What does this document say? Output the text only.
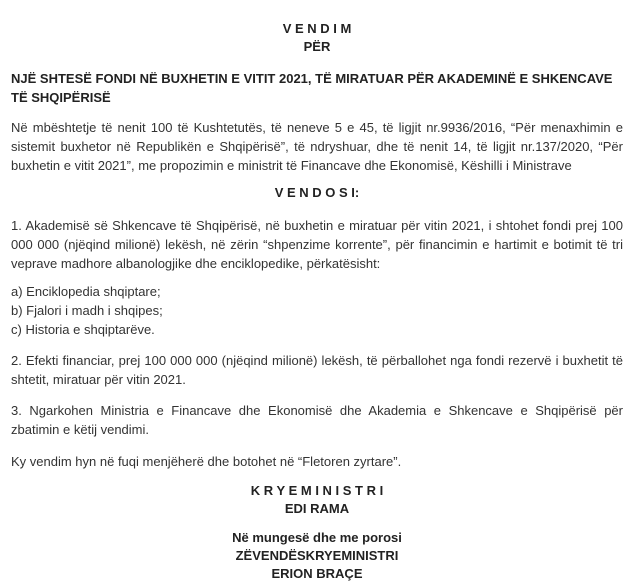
V E N D I M
PËR
NJË SHTESË FONDI NË BUXHETIN E VITIT 2021, TË MIRATUAR PËR AKADEMINË E SHKENCAVE TË SHQIPËRISË

Në mbështetje të nenit 100 të Kushtetutës, të neneve 5 e 45, të ligjit nr.9936/2016, “Për menaxhimin e sistemit buxhetor në Republikën e Shqipërisë”, të ndryshuar, dhe të nenit 14, të ligjit nr.137/2020, “Për buxhetin e vitit 2021”, me propozimin e ministrit të Financave dhe Ekonomisë, Këshilli i Ministrave

V E N D O S I:

1. Akademisë së Shkencave të Shqipërisë, në buxhetin e miratuar për vitin 2021, i shtohet fondi prej 100 000 000 (njëqind milionë) lekësh, në zërin “shpenzime korrente”, për financimin e hartimit e botimit të tri veprave madhore albanologjike dhe enciklopedike, përkatësisht:

a) Enciklopedia shqiptare;
b) Fjalori i madh i shqipes;
c) Historia e shqiptarëve.

2. Efekti financiar, prej 100 000 000 (njëqind milionë) lekësh, të përballohet nga fondi rezervë i buxhetit të shtetit, miratuar për vitin 2021.

3. Ngarkohen Ministria e Financave dhe Ekonomisë dhe Akademia e Shkencave e Shqipërisë për zbatimin e këtij vendimi.

Ky vendim hyn në fuqi menjëherë dhe botohet në “Fletoren zyrtare”.

K R Y E M I N I S T R I
EDI RAMA
Në mungesë dhe me porosi
ZËVENDËSKRYEMINISTRI
ERION BRAÇE
